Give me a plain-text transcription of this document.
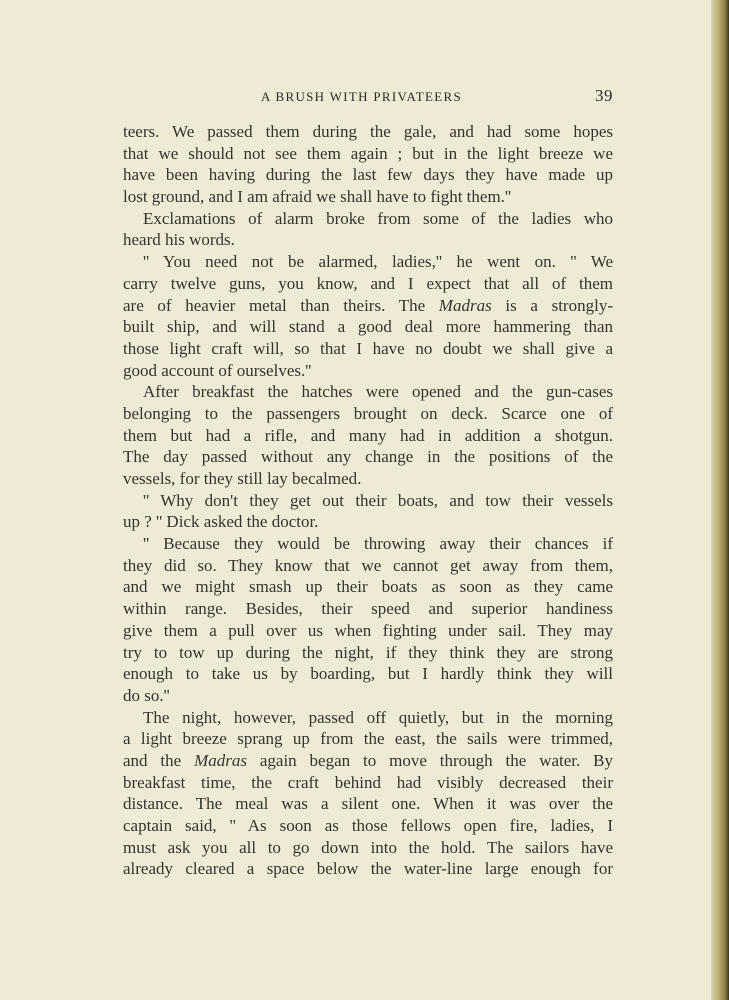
A BRUSH WITH PRIVATEERS	39
teers. We passed them during the gale, and had some hopes
that we should not see them again ; but in the light breeze we
have been having during the last few days they have made up
lost ground, and I am afraid we shall have to fight them.''
Exclamations of alarm broke from some of the ladies who
heard his words.
'' You need not be alarmed, ladies,'' he went on. '' We
carry twelve guns, you know, and I expect that all of them
are of heavier metal than theirs. The Madras is a strongly-
built ship, and will stand a good deal more hammering than
those light craft will, so that I have no doubt we shall give a
good account of ourselves.''
After breakfast the hatches were opened and the gun-cases
belonging to the passengers brought on deck. Scarce one of
them but had a rifle, and many had in addition a shotgun.
The day passed without any change in the positions of the
vessels, for they still lay becalmed.
'' Why don't they get out their boats, and tow their vessels
up ? '' Dick asked the doctor.
'' Because they would be throwing away their chances if
they did so. They know that we cannot get away from them,
and we might smash up their boats as soon as they came
within range. Besides, their speed and superior handiness
give them a pull over us when fighting under sail. They may
try to tow up during the night, if they think they are strong
enough to take us by boarding, but I hardly think they will
do so.''
The night, however, passed off quietly, but in the morning
a light breeze sprang up from the east, the sails were trimmed,
and the Madras again began to move through the water. By
breakfast time, the craft behind had visibly decreased their
distance. The meal was a silent one. When it was over the
captain said, '' As soon as those fellows open fire, ladies, I
must ask you all to go down into the hold. The sailors have
already cleared a space below the water-line large enough for
